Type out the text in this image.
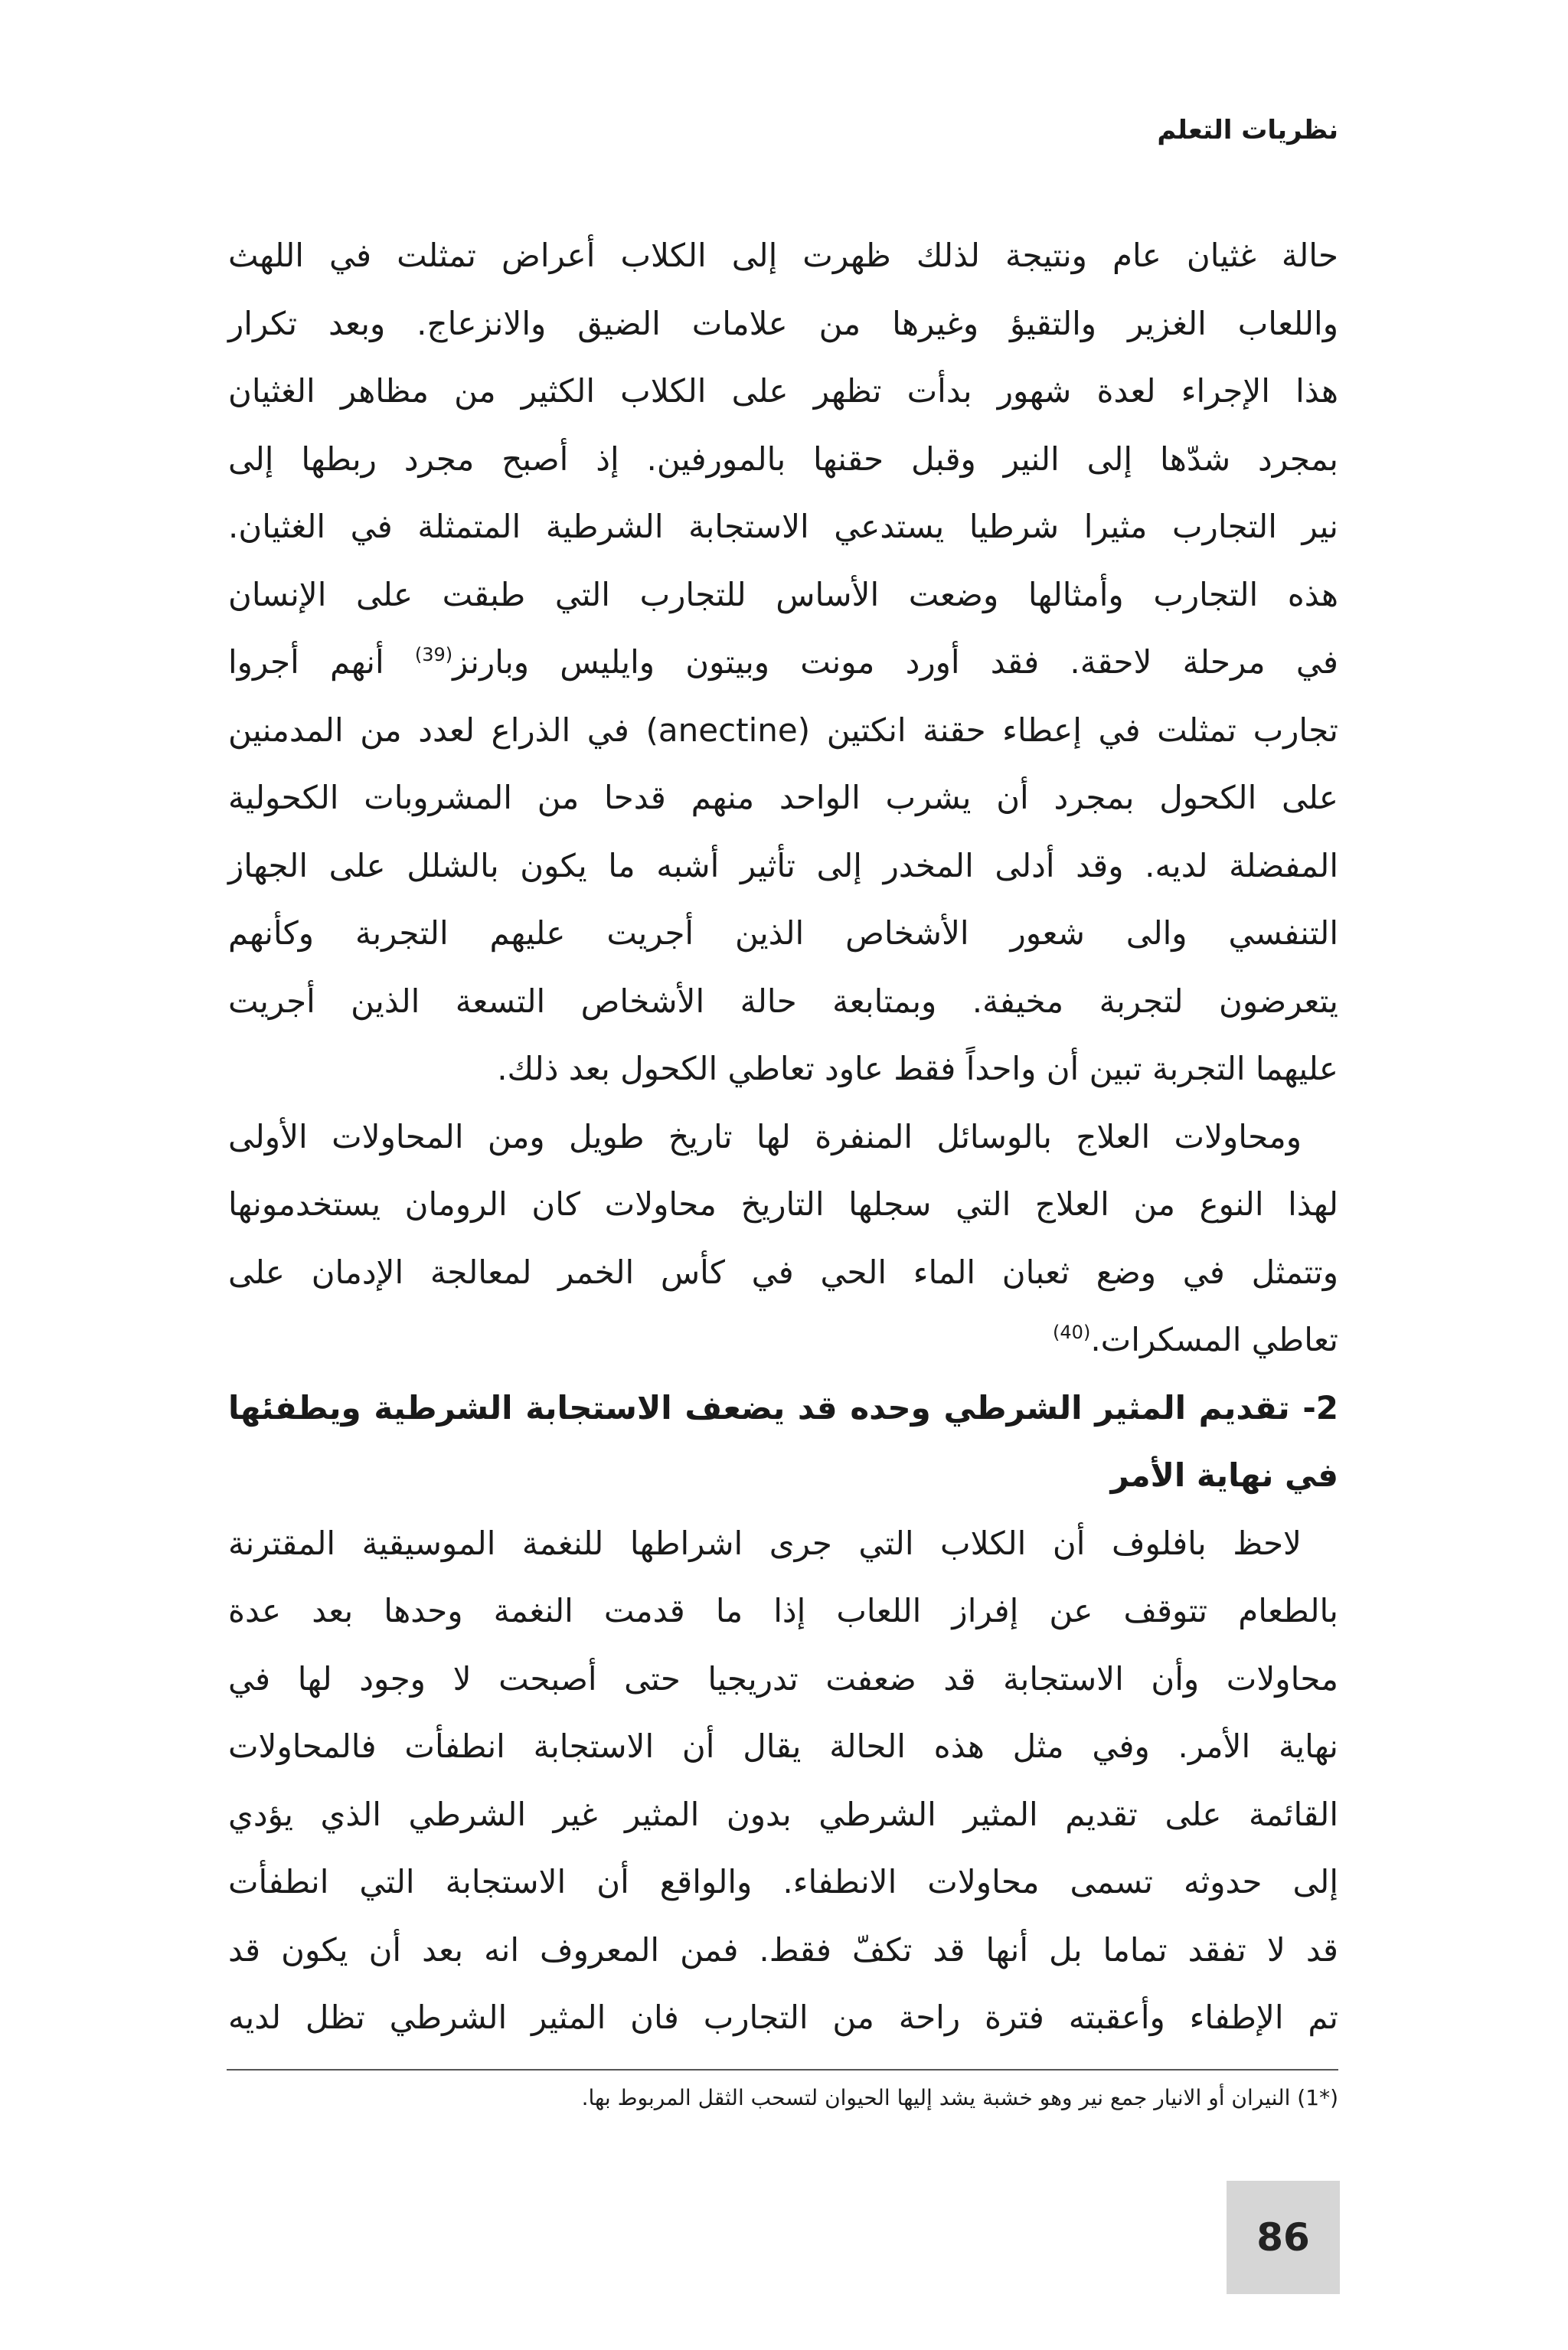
نظريات التعلم
حالة غثيان عام ونتيجة لذلك ظهرت إلى الكلاب أعراض تمثلت في اللهث
واللعاب الغزير والتقيؤ وغيرها من علامات الضيق والانزعاج. وبعد تكرار
هذا الإجراء لعدة شهور بدأت تظهر على الكلاب الكثير من مظاهر الغثيان
بمجرد شدّها إلى النير وقبل حقنها بالمورفين. إذ أصبح مجرد ربطها إلى
نير التجارب مثيرا شرطيا يستدعي الاستجابة الشرطية المتمثلة في الغثيان.
هذه التجارب وأمثالها وضعت الأساس للتجارب التي طبقت على الإنسان
في مرحلة لاحقة. فقد أورد مونت وبيتون وايليس وبارنز$^{(39)}$ أنهم أجروا
تجارب تمثلت في إعطاء حقنة انكتين (anectine) في الذراع لعدد من المدمنين
على الكحول بمجرد أن يشرب الواحد منهم قدحا من المشروبات الكحولية
المفضلة لديه. وقد أدلى المخدر إلى تأثير أشبه ما يكون بالشلل على الجهاز
التنفسي والى شعور الأشخاص الذين أجريت عليهم التجربة وكأنهم
يتعرضون لتجربة مخيفة. وبمتابعة حالة الأشخاص التسعة الذين أجريت
عليهما التجربة تبين أن واحداً فقط عاود تعاطي الكحول بعد ذلك.
ومحاولات العلاج بالوسائل المنفرة لها تاريخ طويل ومن المحاولات الأولى
لهذا النوع من العلاج التي سجلها التاريخ محاولات كان الرومان يستخدمونها
وتتمثل في وضع ثعبان الماء الحي في كأس الخمر لمعالجة الإدمان على
تعاطي المسكرات.$^{(40)}$
2- تقديم المثير الشرطي وحده قد يضعف الاستجابة الشرطية ويطفئها
في نهاية الأمر
لاحظ بافلوف أن الكلاب التي جرى اشراطها للنغمة الموسيقية المقترنة
بالطعام تتوقف عن إفراز اللعاب إذا ما قدمت النغمة وحدها بعد عدة
محاولات وأن الاستجابة قد ضعفت تدريجيا حتى أصبحت لا وجود لها في
نهاية الأمر. وفي مثل هذه الحالة يقال أن الاستجابة انطفأت فالمحاولات
القائمة على تقديم المثير الشرطي بدون المثير غير الشرطي الذي يؤدي
إلى حدوثه تسمى محاولات الانطفاء. والواقع أن الاستجابة التي انطفأت
قد لا تفقد تماما بل أنها قد تكفّ فقط. فمن المعروف انه بعد أن يكون قد
تم الإطفاء وأعقبته فترة راحة من التجارب فان المثير الشرطي تظل لديه
(*1) النيران أو الانيار جمع نير وهو خشبة يشد إليها الحيوان لتسحب الثقل المربوط بها.
86
